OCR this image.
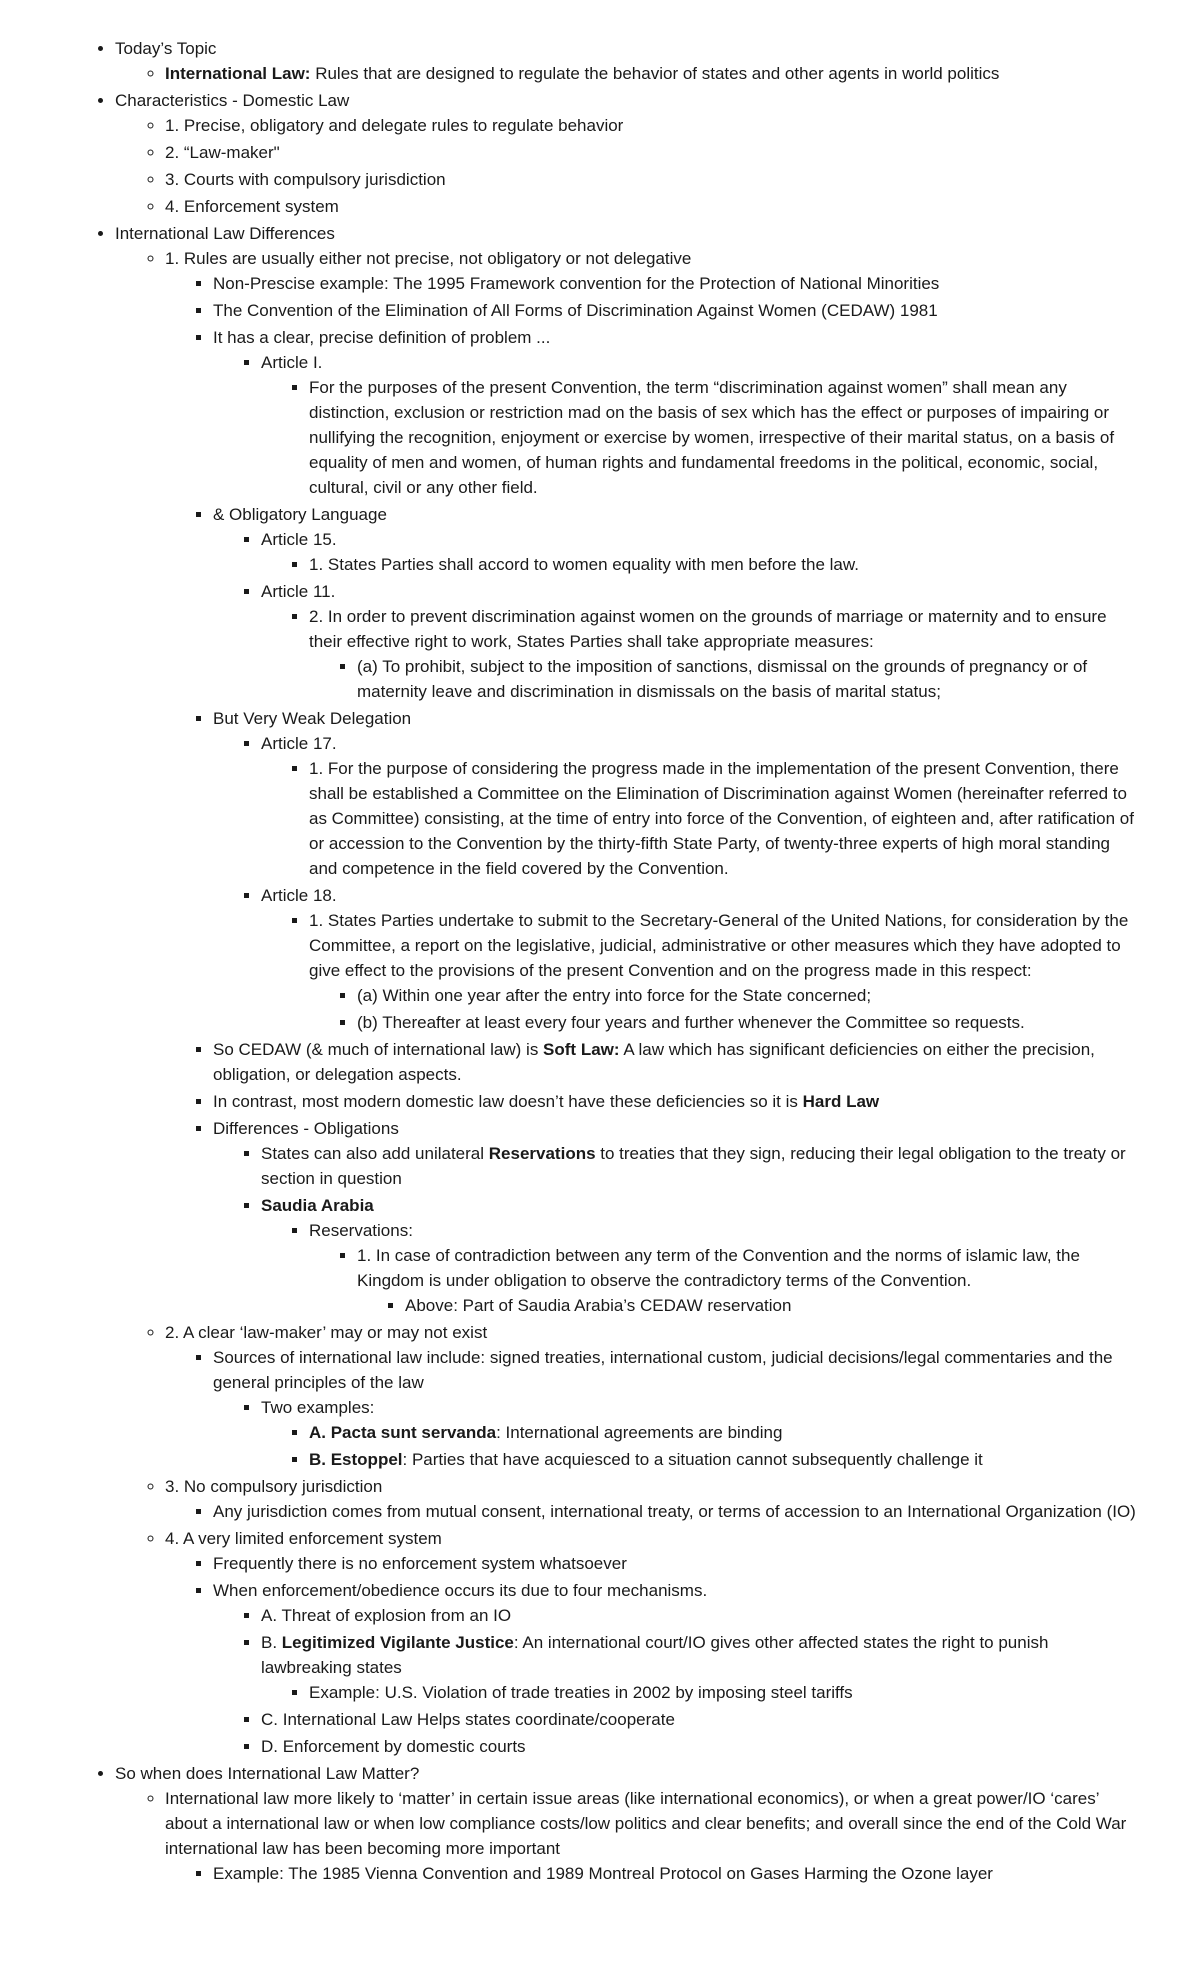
• Today’s Topic
◦ International Law: Rules that are designed to regulate the behavior of states and other agents in world politics
• Characteristics - Domestic Law
◦ 1. Precise, obligatory and delegate rules to regulate behavior
◦ 2. “Law-maker"
◦ 3. Courts with compulsory jurisdiction
◦ 4. Enforcement system
• International Law Differences
◦ 1. Rules are usually either not precise, not obligatory or not delegative
▪ Non-Prescise example: The 1995 Framework convention for the Protection of National Minorities
▪ The Convention of the Elimination of All Forms of Discrimination Against Women (CEDAW) 1981
▪ It has a clear, precise definition of problem ...
▪ Article I.
▪ For the purposes of the present Convention, the term “discrimination against women” shall mean any distinction, exclusion or restriction mad on the basis of sex which has the effect or purposes of impairing or nullifying the recognition, enjoyment or exercise by women, irrespective of their marital status, on a basis of equality of men and women, of human rights and fundamental freedoms in the political, economic, social, cultural, civil or any other field.
▪ & Obligatory Language
▪ Article 15.
▪ 1. States Parties shall accord to women equality with men before the law.
▪ Article 11.
▪ 2. In order to prevent discrimination against women on the grounds of marriage or maternity and to ensure their effective right to work, States Parties shall take appropriate measures:
▪ (a) To prohibit, subject to the imposition of sanctions, dismissal on the grounds of pregnancy or of maternity leave and discrimination in dismissals on the basis of marital status;
▪ But Very Weak Delegation
▪ Article 17.
▪ 1. For the purpose of considering the progress made in the implementation of the present Convention, there shall be established a Committee on the Elimination of Discrimination against Women (hereinafter referred to as Committee) consisting, at the time of entry into force of the Convention, of eighteen and, after ratification of or accession to the Convention by the thirty-fifth State Party, of twenty-three experts of high moral standing and competence in the field covered by the Convention.
▪ Article 18.
▪ 1. States Parties undertake to submit to the Secretary-General of the United Nations, for consideration by the Committee, a report on the legislative, judicial, administrative or other measures which they have adopted to give effect to the provisions of the present Convention and on the progress made in this respect:
▪ (a) Within one year after the entry into force for the State concerned;
▪ (b) Thereafter at least every four years and further whenever the Committee so requests.
▪ So CEDAW (& much of international law) is Soft Law: A law which has significant deficiencies on either the precision, obligation, or delegation aspects.
▪ In contrast, most modern domestic law doesn’t have these deficiencies so it is Hard Law
▪ Differences - Obligations
▪ States can also add unilateral Reservations to treaties that they sign, reducing their legal obligation to the treaty or section in question
▪ Saudia Arabia
▪ Reservations:
▪ 1. In case of contradiction between any term of the Convention and the norms of islamic law, the Kingdom is under obligation to observe the contradictory terms of the Convention.
▪ Above: Part of Saudia Arabia’s CEDAW reservation
◦ 2. A clear ‘law-maker’ may or may not exist
▪ Sources of international law include: signed treaties, international custom, judicial decisions/legal commentaries and the general principles of the law
▪ Two examples:
▪ A. Pacta sunt servanda: International agreements are binding
▪ B. Estoppel: Parties that have acquiesced to a situation cannot subsequently challenge it
◦ 3. No compulsory jurisdiction
▪ Any jurisdiction comes from mutual consent, international treaty, or terms of accession to an International Organization (IO)
◦ 4. A very limited enforcement system
▪ Frequently there is no enforcement system whatsoever
▪ When enforcement/obedience occurs its due to four mechanisms.
▪ A. Threat of explosion from an IO
▪ B. Legitimized Vigilante Justice: An international court/IO gives other affected states the right to punish lawbreaking states
▪ Example: U.S. Violation of trade treaties in 2002 by imposing steel tariffs
▪ C. International Law Helps states coordinate/cooperate
▪ D. Enforcement by domestic courts
• So when does International Law Matter?
◦ International law more likely to ‘matter’ in certain issue areas (like international economics), or when a great power/IO ‘cares’ about a international law or when low compliance costs/low politics and clear benefits; and overall since the end of the Cold War international law has been becoming more important
▪ Example: The 1985 Vienna Convention and 1989 Montreal Protocol on Gases Harming the Ozone layer
